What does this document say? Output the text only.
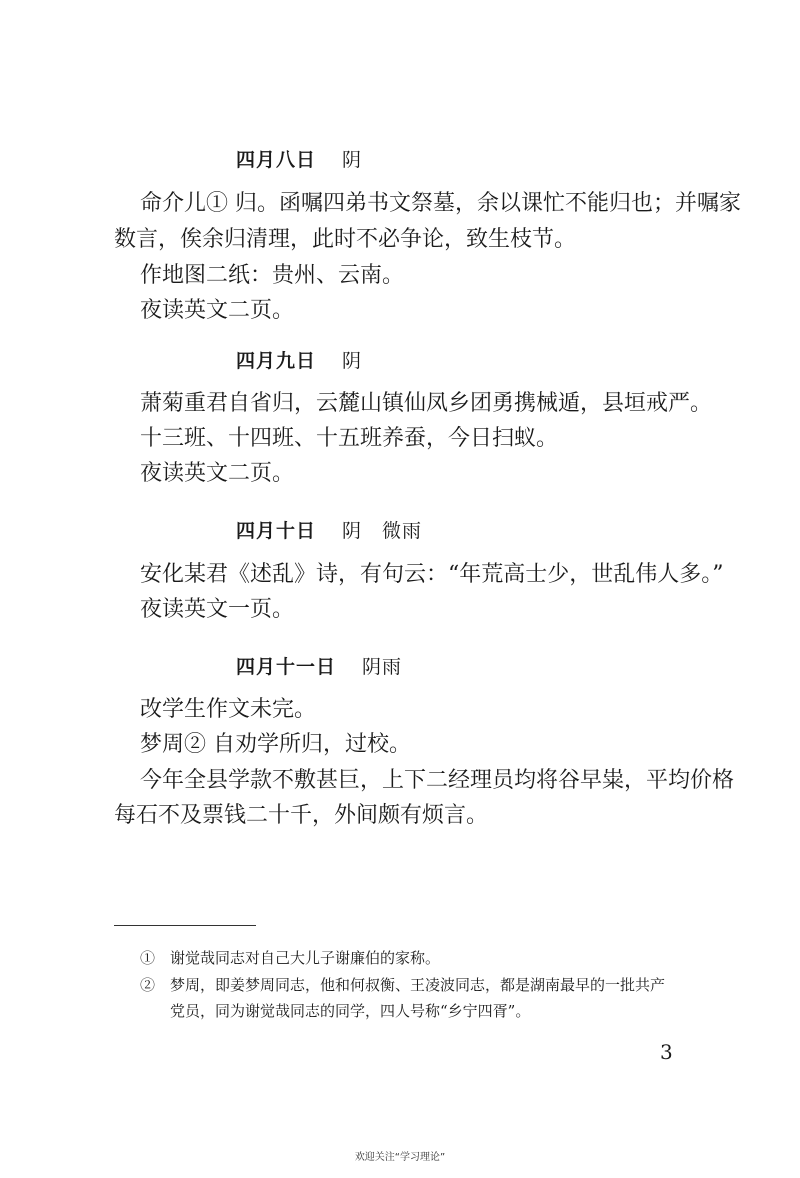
四月八日 阴
命介儿① 归。函嘱四弟书文祭墓，余以课忙不能归也；并嘱家
数言，俟余归清理，此时不必争论，致生枝节。
作地图二纸：贵州、云南。
夜读英文二页。
四月九日 阴
萧菊重君自省归，云麓山镇仙凤乡团勇携械遁，县垣戒严。
十三班、十四班、十五班养蚕，今日扫蚁。
夜读英文二页。
四月十日 阴　微雨
安化某君《述乱》诗，有句云：“年荒高士少，世乱伟人多。”
夜读英文一页。
四月十一日 阴雨
改学生作文未完。
梦周② 自劝学所归，过校。
今年全县学款不敷甚巨，上下二经理员均将谷早粜，平均价格
每石不及票钱二十千，外间颇有烦言。
①　谢觉哉同志对自己大儿子谢廉伯的家称。
②　梦周，即姜梦周同志，他和何叔衡、王凌波同志，都是湖南最早的一批共产
　　党员，同为谢觉哉同志的同学，四人号称“乡宁四胥”。
3
欢迎关注“学习理论”
